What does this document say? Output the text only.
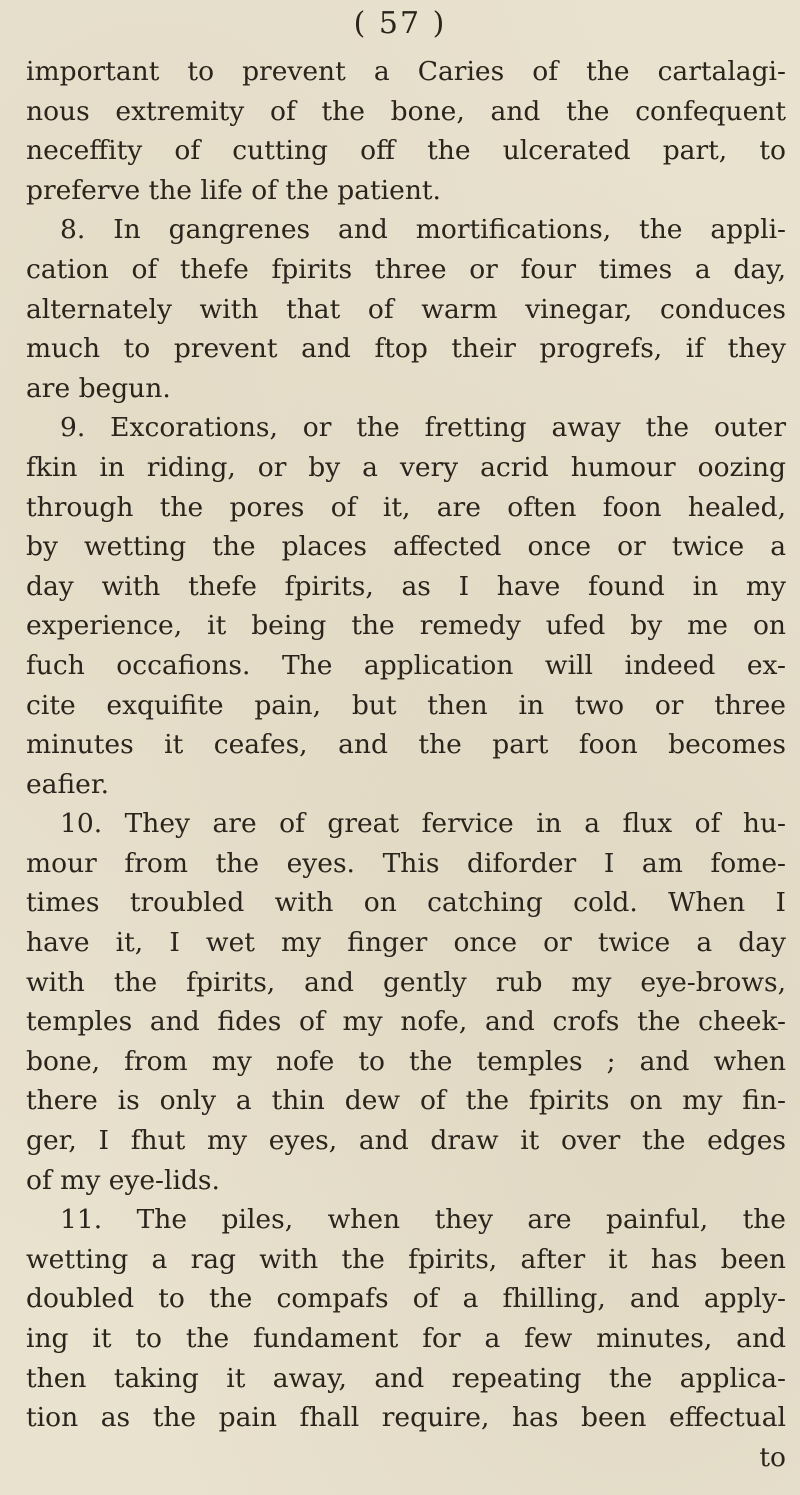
( 57 )
important to prevent a Caries of the cartalagi-
nous extremity of the bone, and the confequent
neceffity of cutting off the ulcerated part, to
preferve the life of the patient.
8. In gangrenes and mortifications, the appli-
cation of thefe fpirits three or four times a day,
alternately with that of warm vinegar, conduces
much to prevent and ftop their progrefs, if they
are begun.
9. Excorations, or the fretting away the outer
fkin in riding, or by a very acrid humour oozing
through the pores of it, are often foon healed,
by wetting the places affected once or twice a
day with thefe fpirits, as I have found in my
experience, it being the remedy ufed by me on
fuch occafions. The application will indeed ex-
cite exquifite pain, but then in two or three
minutes it ceafes, and the part foon becomes
eafier.
10. They are of great fervice in a flux of hu-
mour from the eyes. This diforder I am fome-
times troubled with on catching cold. When I
have it, I wet my finger once or twice a day
with the fpirits, and gently rub my eye-brows,
temples and fides of my nofe, and crofs the cheek-
bone, from my nofe to the temples ; and when
there is only a thin dew of the fpirits on my fin-
ger, I fhut my eyes, and draw it over the edges
of my eye-lids.
11. The piles, when they are painful, the
wetting a rag with the fpirits, after it has been
doubled to the compafs of a fhilling, and apply-
ing it to the fundament for a few minutes, and
then taking it away, and repeating the applica-
tion as the pain fhall require, has been effectual
to
